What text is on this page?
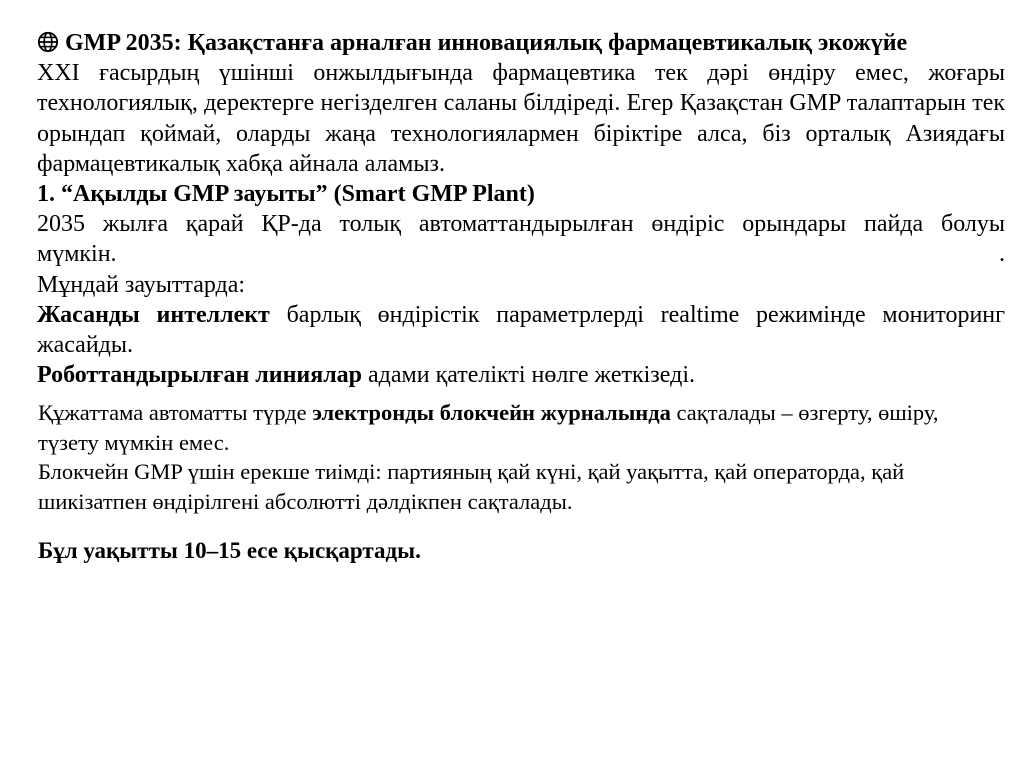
GMP 2035: Қазақстанға арналған инновациялық фармацевтикалық экожүйе

XXI ғасырдың үшінші онжылдығында фармацевтика тек дәрі өндіру емес, жоғары технологиялық, деректерге негізделген саланы білдіреді. Егер Қазақстан GMP талаптарын тек орындап қоймай, оларды жаңа технологиялармен біріктіре алса, біз орталық Азиядағы фармацевтикалық хабқа айнала аламыз.

1. “Ақылды GMP зауыты” (Smart GMP Plant)

2035 жылға қарай ҚР-да толық автоматтандырылған өндіріс орындары пайда болуы

мүмкін.	.

Мұндай зауыттарда:

Жасанды интеллект барлық өндірістік параметрлерді realtime режимінде мониторинг жасайды.

Роботтандырылған линиялар адами қателікті нөлге жеткізеді.

Құжаттама автоматты түрде электронды блокчейн журналында сақталады – өзгерту, өшіру, түзету мүмкін емес.

Блокчейн GMP үшін ерекше тиімді: партияның қай күні, қай уақытта, қай операторда, қай шикізатпен өндірілгені абсолютті дәлдікпен сақталады.

Бұл уақытты 10–15 есе қысқартады.
